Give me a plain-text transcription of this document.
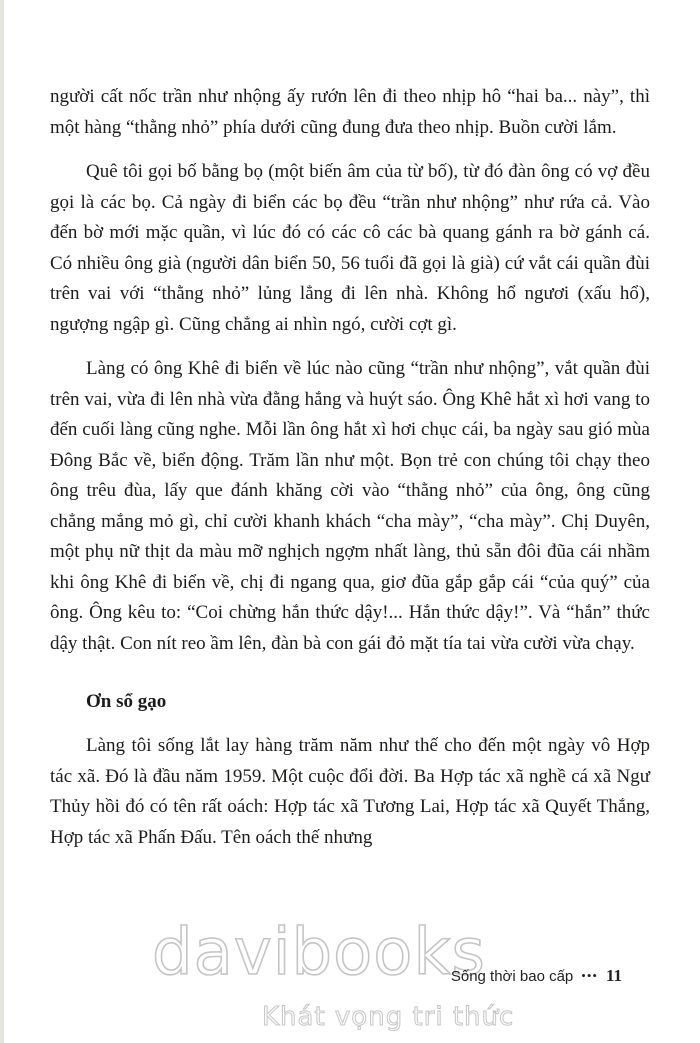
người cất nốc trần như nhộng ấy rướn lên đi theo nhịp hô “hai ba... này”, thì một hàng “thằng nhỏ” phía dưới cũng đung đưa theo nhịp. Buồn cười lắm.

Quê tôi gọi bố bằng bọ (một biến âm của từ bố), từ đó đàn ông có vợ đều gọi là các bọ. Cả ngày đi biển các bọ đều “trần như nhộng” như rứa cả. Vào đến bờ mới mặc quần, vì lúc đó có các cô các bà quang gánh ra bờ gánh cá. Có nhiều ông già (người dân biển 50, 56 tuổi đã gọi là già) cứ vắt cái quần đùi trên vai với “thằng nhỏ” lủng lẳng đi lên nhà. Không hổ ngươi (xấu hổ), ngượng ngập gì. Cũng chẳng ai nhìn ngó, cười cợt gì.

Làng có ông Khê đi biển về lúc nào cũng “trần như nhộng”, vắt quần đùi trên vai, vừa đi lên nhà vừa đằng hắng và huýt sáo. Ông Khê hắt xì hơi vang to đến cuối làng cũng nghe. Mỗi lần ông hắt xì hơi chục cái, ba ngày sau gió mùa Đông Bắc về, biển động. Trăm lần như một. Bọn trẻ con chúng tôi chạy theo ông trêu đùa, lấy que đánh khăng cời vào “thằng nhỏ” của ông, ông cũng chẳng mắng mỏ gì, chỉ cười khanh khách “cha mày”, “cha mày”. Chị Duyên, một phụ nữ thịt da màu mỡ nghịch ngợm nhất làng, thủ sẵn đôi đũa cái nhầm khi ông Khê đi biển về, chị đi ngang qua, giơ đũa gắp gắp cái “của quý” của ông. Ông kêu to: “Coi chừng hắn thức dậy!... Hắn thức dậy!”. Và “hắn” thức dậy thật. Con nít reo ầm lên, đàn bà con gái đỏ mặt tía tai vừa cười vừa chạy.

Ơn sổ gạo

Làng tôi sống lắt lay hàng trăm năm như thế cho đến một ngày vô Hợp tác xã. Đó là đầu năm 1959. Một cuộc đổi đời. Ba Hợp tác xã nghề cá xã Ngư Thủy hồi đó có tên rất oách: Hợp tác xã Tương Lai, Hợp tác xã Quyết Thắng, Hợp tác xã Phấn Đấu. Tên oách thế nhưng

davibooks
Khát vọng tri thức
Sống thời bao cấp ••• 11
